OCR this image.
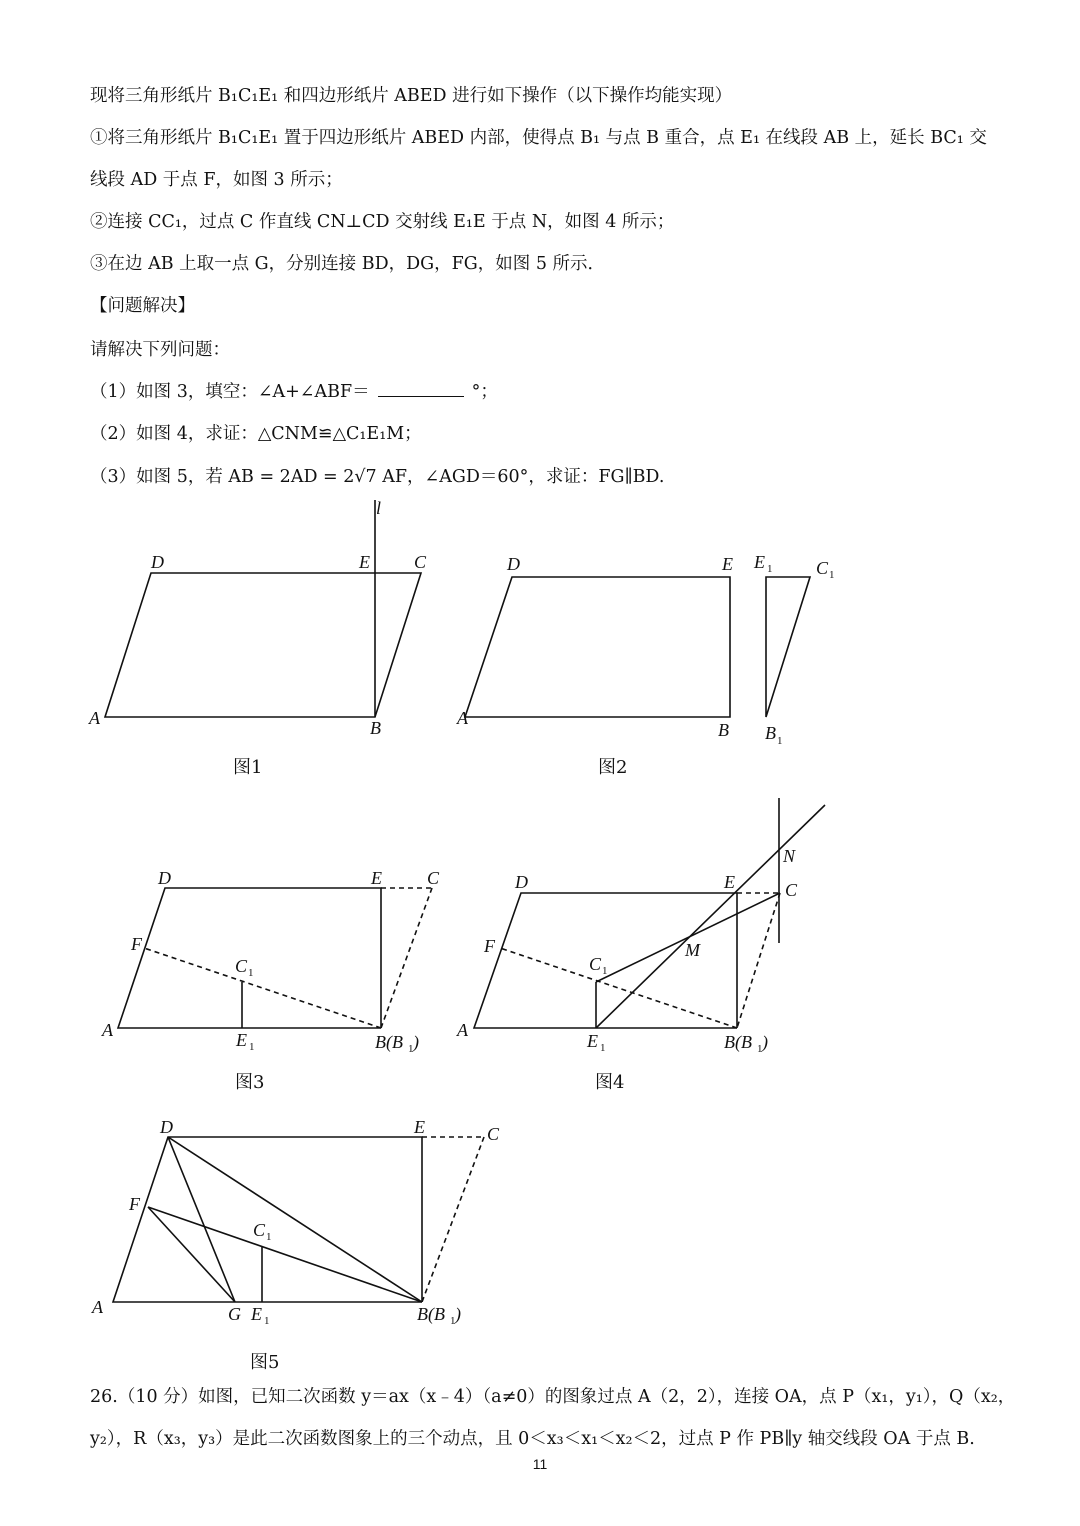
现将三角形纸片 B₁C₁E₁ 和四边形纸片 ABED 进行如下操作（以下操作均能实现）
①将三角形纸片 B₁C₁E₁ 置于四边形纸片 ABED 内部，使得点 B₁ 与点 B 重合，点 E₁ 在线段 AB 上，延长 BC₁ 交
线段 AD 于点 F，如图 3 所示；
②连接 CC₁，过点 C 作直线 CN⊥CD 交射线 E₁E 于点 N，如图 4 所示；
③在边 AB 上取一点 G，分别连接 BD，DG，FG，如图 5 所示．
【问题解决】
请解决下列问题：
（1）如图 3，填空：∠A+∠ABF＝	°；
（2）如图 4，求证：△CNM≌△C₁E₁M；
（3）如图 5，若 AB = 2AD = 2√7 AF，∠AGD＝60°，求证：FG∥BD.
D	E C
A	B
l
图1
D	E
A
B
E 1 C 1
B 1
图2
D	E	C
F
C 1
A	E 1	B(B 1 )
图3
D	E	C
N
M
F
C 1
A
E 1	B(B 1 )
图4
D	E	C
F
C 1
A	G E 1	B(B 1 )
图5
26.（10 分）如图，已知二次函数 y＝ax（x﹣4）（a≠0）的图象过点 A（2，2），连接 OA，点 P（x₁，y₁），Q（x₂，
y₂），R（x₃，y₃）是此二次函数图象上的三个动点，且 0＜x₃＜x₁＜x₂＜2，过点 P 作 PB∥y 轴交线段 OA 于点 B.
11
